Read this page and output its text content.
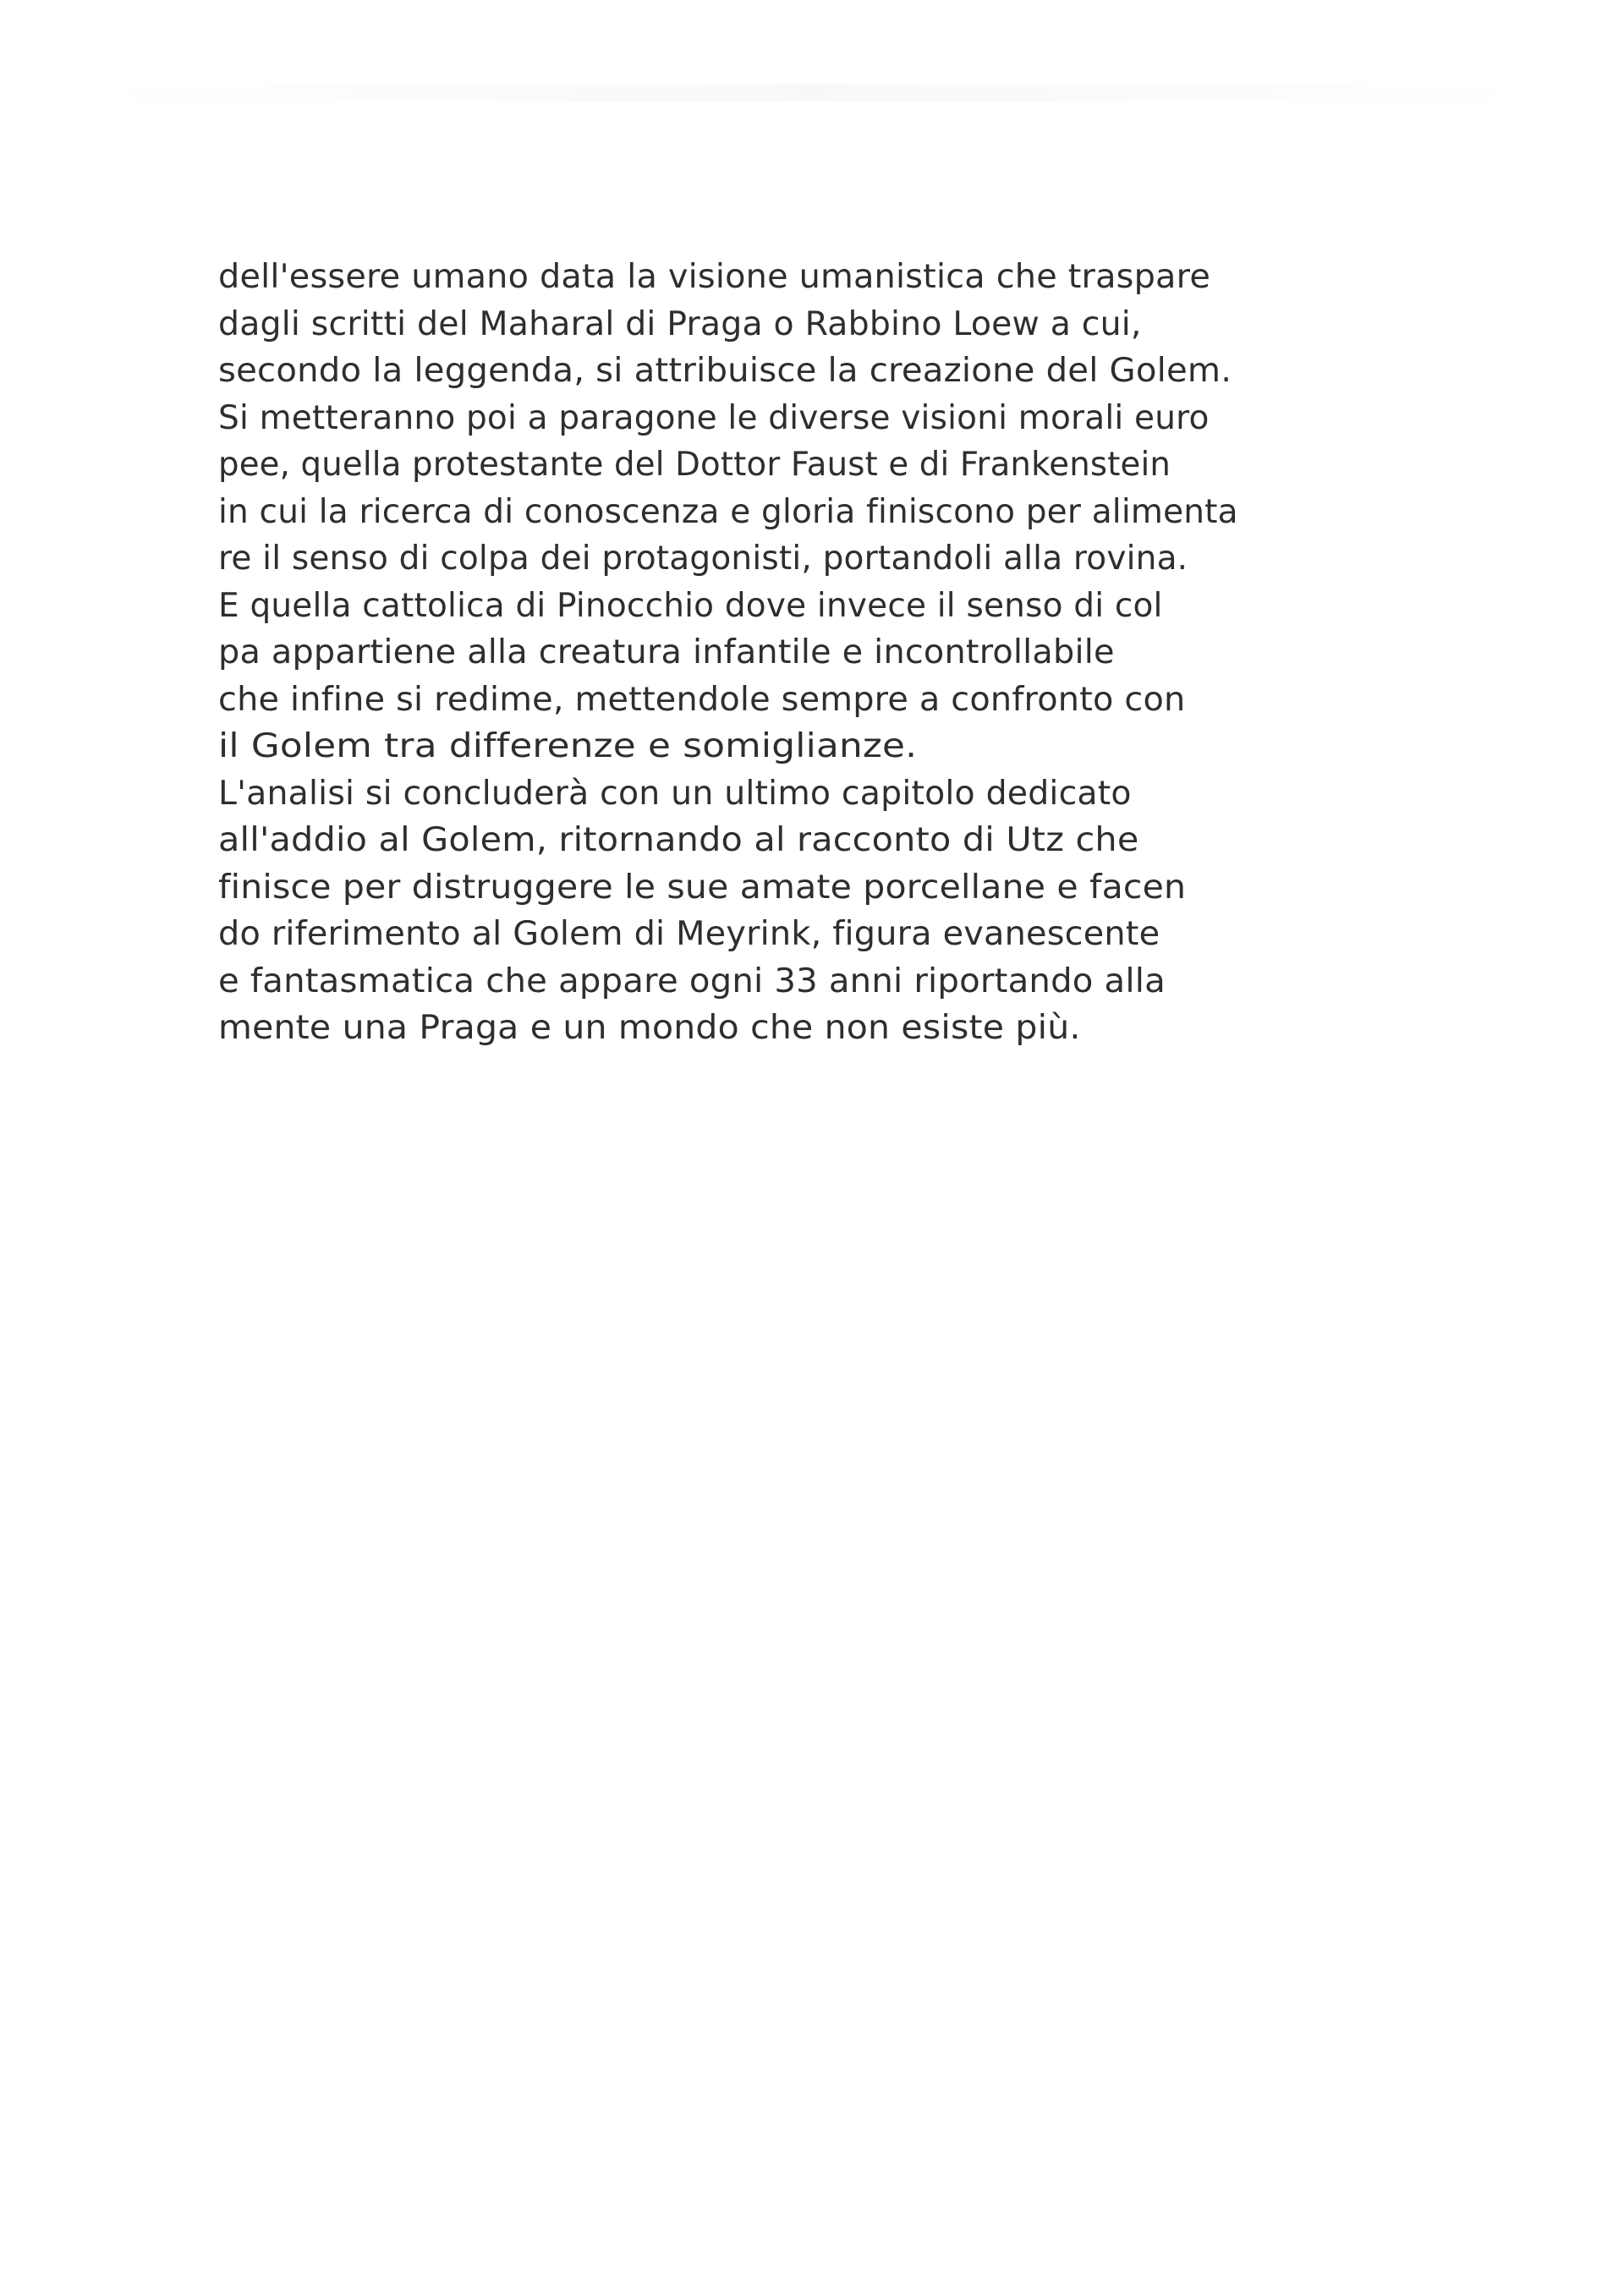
dell'essere umano data la visione umanistica che traspare
dagli scritti del Maharal di Praga o Rabbino Loew a cui,
secondo la leggenda, si attribuisce la creazione del Golem.
Si metteranno poi a paragone le diverse visioni morali euro
pee, quella protestante del Dottor Faust e di Frankenstein
in cui la ricerca di conoscenza e gloria finiscono per alimenta
re il senso di colpa dei protagonisti, portandoli alla rovina.
E quella cattolica di Pinocchio dove invece il senso di col
pa appartiene alla creatura infantile e incontrollabile
che infine si redime, mettendole sempre a confronto con
il Golem tra differenze e somiglianze.
L'analisi si concluderà con un ultimo capitolo dedicato
all'addio al Golem, ritornando al racconto di Utz che
finisce per distruggere le sue amate porcellane e facen
do riferimento al Golem di Meyrink, figura evanescente
e fantasmatica che appare ogni 33 anni riportando alla
mente una Praga e un mondo che non esiste più.
